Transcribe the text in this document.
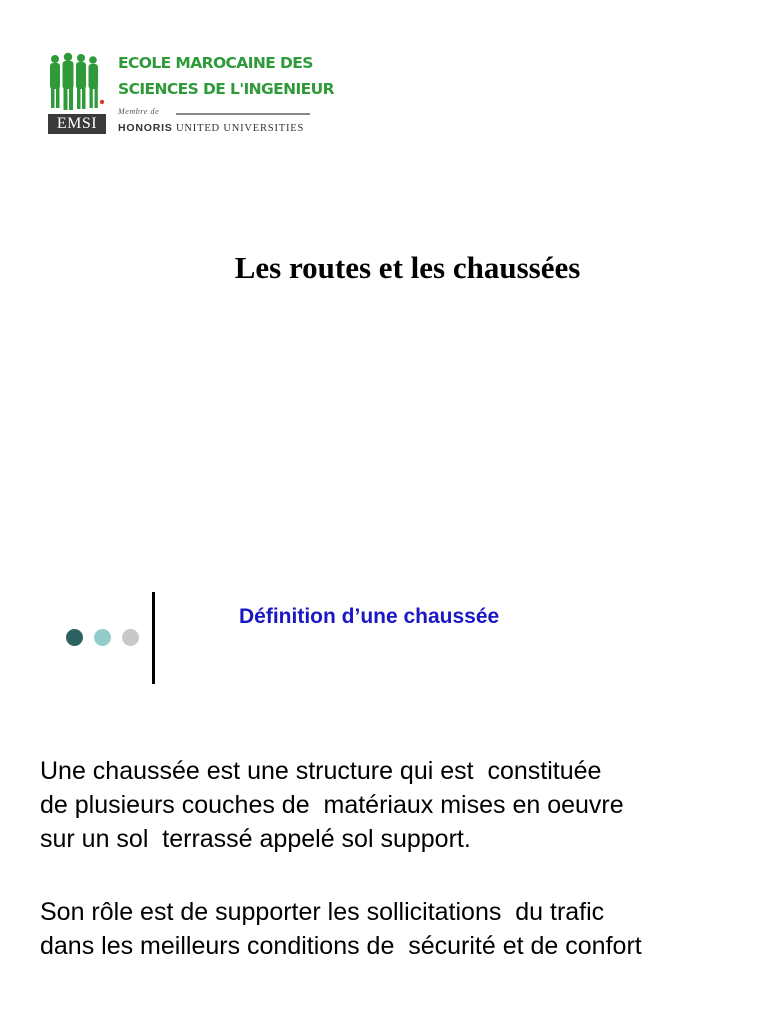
EMSI
ECOLE MAROCAINE DES
SCIENCES DE L'INGENIEUR
Membre de
HONORIS UNITED UNIVERSITIES
Les routes et les chaussées
Définition d’une chaussée

Une chaussée est une structure qui est  constituée
de plusieurs couches de  matériaux mises en oeuvre
sur un sol  terrassé appelé sol support.

Son rôle est de supporter les sollicitations  du trafic
dans les meilleurs conditions de  sécurité et de confort
